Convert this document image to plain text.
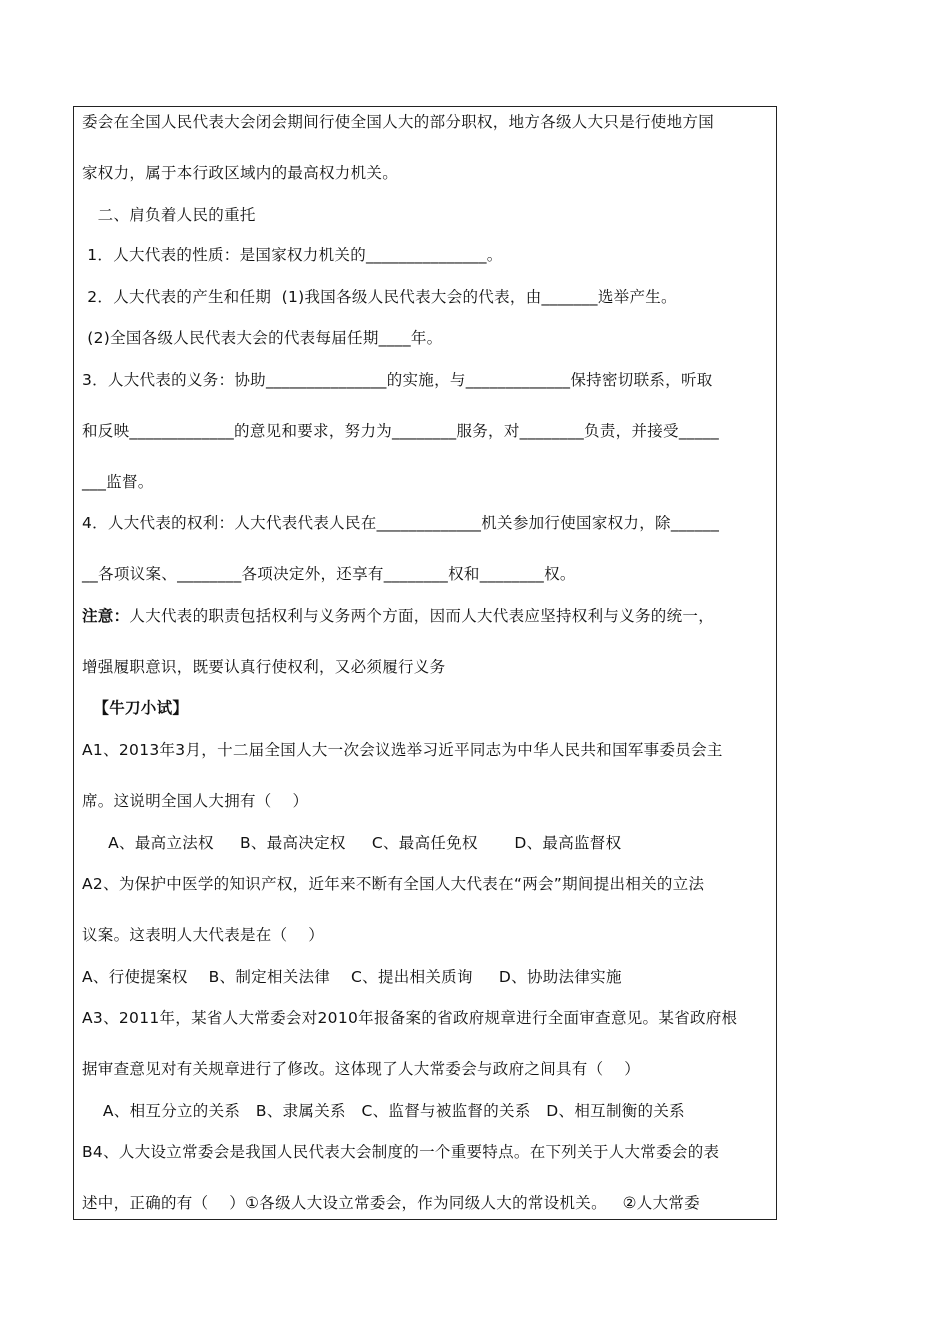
委会在全国人民代表大会闭会期间行使全国人大的部分职权，地方各级人大只是行使地方国
家权力，属于本行政区域内的最高权力机关。
二、肩负着人民的重托
1．人大代表的性质：是国家权力机关的_______________。
2．人大代表的产生和任期  (1)我国各级人民代表大会的代表，由_______选举产生。
(2)全国各级人民代表大会的代表每届任期____年。
3．人大代表的义务：协助_______________的实施，与_____________保持密切联系，听取
和反映_____________的意见和要求，努力为________服务，对________负责，并接受_____
___监督。
4．人大代表的权利：人大代表代表人民在_____________机关参加行使国家权力，除______
__各项议案、________各项决定外，还享有________权和________权。
注意：人大代表的职责包括权利与义务两个方面，因而人大代表应坚持权利与义务的统一，
增强履职意识，既要认真行使权利，又必须履行义务
【牛刀小试】
A1、2013年3月，十二届全国人大一次会议选举习近平同志为中华人民共和国军事委员会主
席。这说明全国人大拥有（    ）
A、最高立法权     B、最高决定权     C、最高任免权       D、最高监督权
A2、为保护中医学的知识产权，近年来不断有全国人大代表在“两会”期间提出相关的立法
议案。这表明人大代表是在（    ）
A、行使提案权    B、制定相关法律    C、提出相关质询     D、协助法律实施
A3、2011年，某省人大常委会对2010年报备案的省政府规章进行全面审查意见。某省政府根
据审查意见对有关规章进行了修改。这体现了人大常委会与政府之间具有（    ）
A、相互分立的关系   B、隶属关系   C、监督与被监督的关系   D、相互制衡的关系
B4、人大设立常委会是我国人民代表大会制度的一个重要特点。在下列关于人大常委会的表
述中，正确的有（    ）①各级人大设立常委会，作为同级人大的常设机关。   ②人大常委
